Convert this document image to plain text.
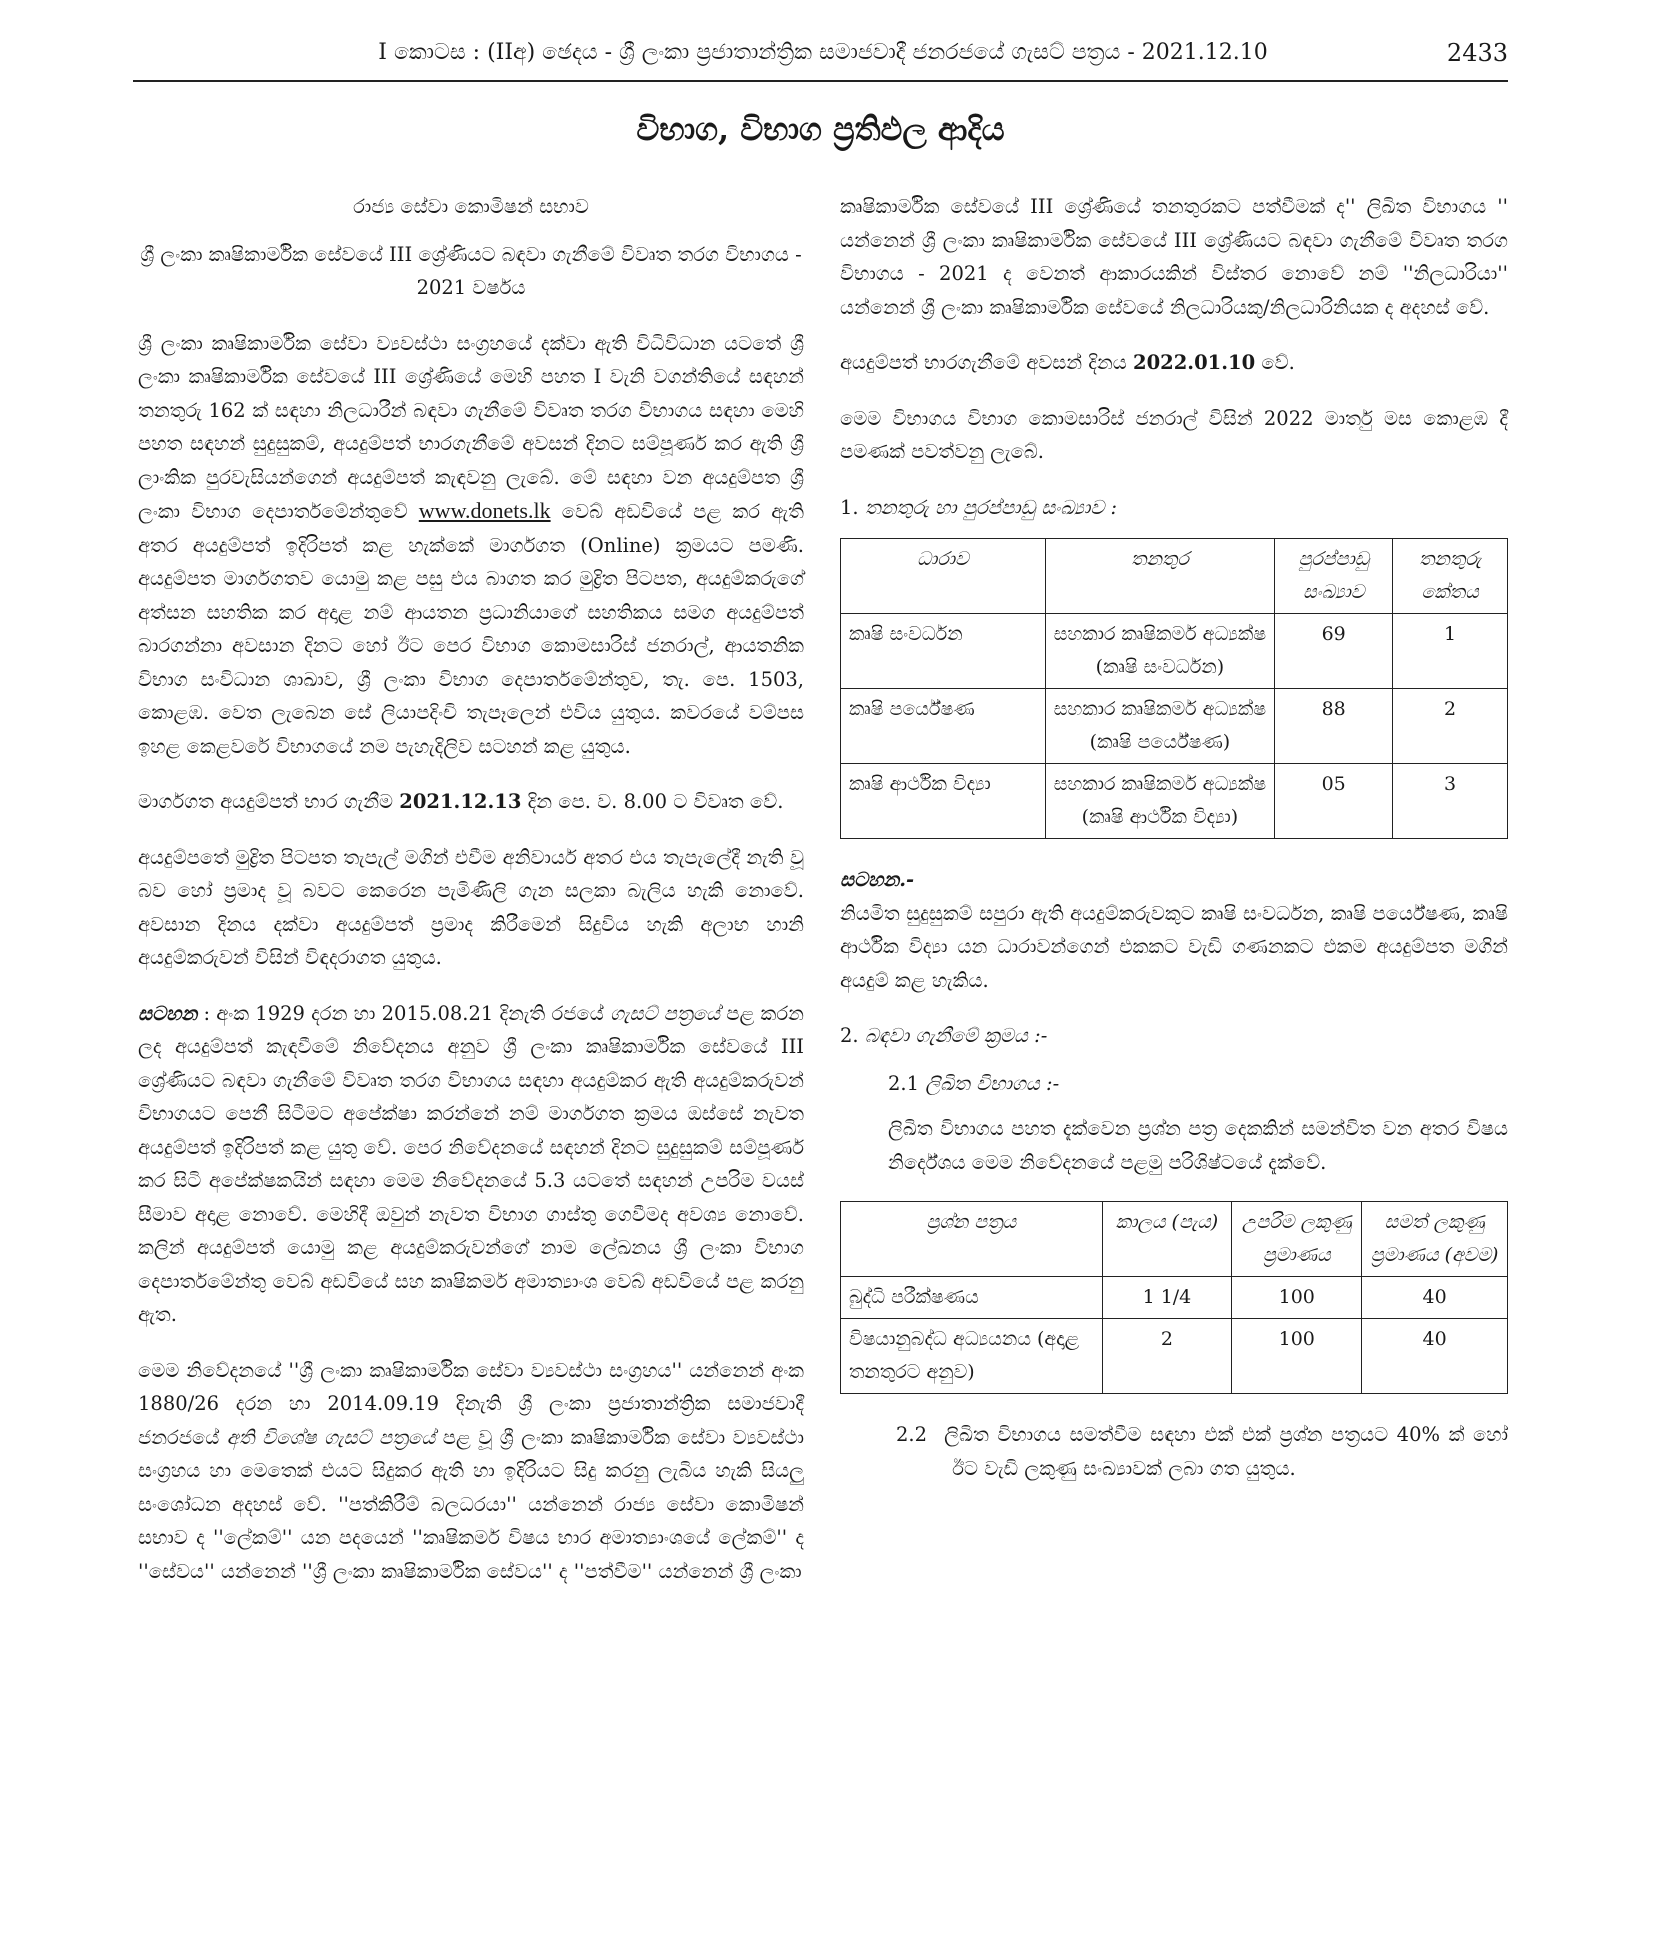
I කොටස : (IIඅ) ඡෙදය - ශ්‍රී ලංකා ප්‍රජාතාන්ත්‍රික සමාජවාදී ජනරජයේ ගැසට් පත්‍රය - 2021.12.10	2433
විභාග, විභාග ප්‍රතිඵල ආදිය
රාජ්‍ය සේවා කොමිෂන් සභාව

ශ්‍රී ලංකා කෘෂිකාර්මික සේවයේ III ශ්‍රේණියට බඳවා ගැනීමේ විවෘත තරග විභාගය - 2021 වර්ෂය

ශ්‍රී ලංකා කෘෂිකාර්මික සේවා ව්‍යවස්ථා සංග්‍රහයේ දක්වා ඇති විධිවිධාන යටතේ ශ්‍රී ලංකා කෘෂිකාර්මික සේවයේ III ශ්‍රේණියේ මෙහි පහත I වැනි වගන්තියේ සඳහන් තනතුරු 162 ක් සඳහා නිලධාරීන් බඳවා ගැනීමේ විවෘත තරග විභාගය සඳහා මෙහි පහත සඳහන් සුදුසුකම්, අයදුම්පත් භාරගැනීමේ අවසන් දිනට සම්පූර්ණ කර ඇති ශ්‍රී ලාංකික පුරවැසියන්ගෙන් අයදුම්පත් කැඳවනු ලැබේ. මේ සඳහා වන අයදුම්පත ශ්‍රී ලංකා විභාග දෙපාර්තමේන්තුවේ www.donets.lk වෙබ් අඩවියේ පළ කර ඇති අතර අයදුම්පත් ඉදිරිපත් කළ හැක්කේ මාර්ගගත (Online) ක්‍රමයට පමණි. අයදුම්පත මාර්ගගතව යොමු කළ පසු එය බාගත කර මුද්‍රිත පිටපත, අයදුම්කරුගේ අත්සන සහතික කර අදාළ නම් ආයතන ප්‍රධානියාගේ සහතිකය සමග අයදුම්පත් බාරගන්නා අවසාන දිනට හෝ ඊට පෙර විභාග කොමසාරිස් ජනරාල්, ආයතනික විභාග සංවිධාන ශාඛාව, ශ්‍රී ලංකා විභාග දෙපාර්තමේන්තුව, තැ. පෙ. 1503, කොළඹ. වෙත ලැබෙන සේ ලියාපදිංචි තැපෑලෙන් එවිය යුතුය. කවරයේ වම්පස ඉහළ කෙළවරේ විභාගයේ නම පැහැදිලිව සටහන් කළ යුතුය.

මාර්ගගත අයදුම්පත් භාර ගැනීම 2021.12.13 දින පෙ. ව. 8.00 ට විවෘත වේ.

අයදුම්පතේ මුද්‍රිත පිටපත තැපැල් මගින් එවීම අනිවාර්ය අතර එය තැපැලේදී නැති වූ බව හෝ ප්‍රමාද වූ බවට කෙරෙන පැමිණිලි ගැන සලකා බැලිය හැකි නොවේ. අවසාන දිනය දක්වා අයදුම්පත් ප්‍රමාද කිරීමෙන් සිදුවිය හැකි අලාභ හානි අයදුම්කරුවන් විසින් විඳදරාගත යුතුය.

සටහන : අංක 1929 දරන හා 2015.08.21 දිනැති රජයේ ගැසට් පත්‍රයේ පළ කරන ලද අයදුම්පත් කැඳවීමේ නිවේදනය අනුව ශ්‍රී ලංකා කෘෂිකාර්මික සේවයේ III ශ්‍රේණියට බඳවා ගැනීමේ විවෘත තරග විභාගය සඳහා අයදුම්කර ඇති අයදුම්කරුවන් විභාගයට පෙනී සිටීමට අපේක්ෂා කරන්නේ නම් මාර්ගගත ක්‍රමය ඔස්සේ නැවත අයදුම්පත් ඉදිරිපත් කළ යුතු වේ. පෙර නිවේදනයේ සඳහන් දිනට සුදුසුකම් සම්පූර්ණ කර සිටි අපේක්ෂකයින් සඳහා මෙම නිවේදනයේ 5.3 යටතේ සඳහන් උපරිම වයස් සීමාව අදාළ නොවේ. මෙහිදී ඔවුන් නැවත විභාග ගාස්තු ගෙවීමද අවශ්‍ය නොවේ. කලින් අයදුම්පත් යොමු කළ අයදුම්කරුවන්ගේ නාම ලේඛනය ශ්‍රී ලංකා විභාග දෙපාර්තමේන්තු වෙබ් අඩවියේ සහ කෘෂිකර්ම අමාත්‍යාංශ වෙබ් අඩවියේ පළ කරනු ඇත.

මෙම නිවේදනයේ ''ශ්‍රී ලංකා කෘෂිකාර්මික සේවා ව්‍යවස්ථා සංග්‍රහය'' යන්නෙන් අංක 1880/26 දරන හා 2014.09.19 දිනැති ශ්‍රී ලංකා ප්‍රජාතාන්ත්‍රික සමාජවාදී ජනරජයේ අති විශේෂ ගැසට් පත්‍රයේ පළ වූ ශ්‍රී ලංකා කෘෂිකාර්මික සේවා ව්‍යවස්ථා සංග්‍රහය හා මෙතෙක් එයට සිදුකර ඇති හා ඉදිරියට සිදු කරනු ලැබිය හැකි සියලු සංශෝධන අදහස් වේ. ''පත්කිරීම් බලධරයා'' යන්නෙන් රාජ්‍ය සේවා කොමිෂන් සභාව ද ''ලේකම්'' යන පදයෙන් ''කෘෂිකර්ම විෂය භාර අමාත්‍යාංශයේ ලේකම්'' ද ''සේවය'' යන්නෙන් ''ශ්‍රී ලංකා කෘෂිකාර්මික සේවය'' ද ''පත්වීම'' යන්නෙන් ශ්‍රී ලංකා

කෘෂිකාර්මික සේවයේ III ශ්‍රේණියේ තනතුරකට පත්වීමක් ද'' ලිඛිත විභාගය '' යන්නෙන් ශ්‍රී ලංකා කෘෂිකාර්මික සේවයේ III ශ්‍රේණියට බඳවා ගැනීමේ විවෘත තරග විභාගය - 2021 ද වෙනත් ආකාරයකින් විස්තර නොවේ නම් ''නිලධාරියා'' යන්නෙන් ශ්‍රී ලංකා කෘෂිකාර්මික සේවයේ නිලධාරියකු/නිලධාරිනියක ද අදහස් වේ.

අයදුම්පත් භාරගැනීමේ අවසන් දිනය 2022.01.10 වේ.

මෙම විභාගය විභාග කොමසාරිස් ජනරාල් විසින් 2022 මාර්තු මස කොළඹ දී පමණක් පවත්වනු ලැබේ.

1. තනතුරු හා පුරප්පාඩු සංඛ්‍යාව :
ධාරාව	තනතුර	පුරප්පාඩු සංඛ්‍යාව	තනතුරු කේතය
කෘෂි සංවර්ධන	සහකාර කෘෂිකර්ම අධ්‍යක්ෂ (කෘෂි සංවර්ධන)	69	1
කෘෂි පර්යේෂණ	සහකාර කෘෂිකර්ම අධ්‍යක්ෂ (කෘෂි පර්යේෂණ)	88	2
කෘෂි ආර්ථික විද්‍යා	සහකාර කෘෂිකර්ම අධ්‍යක්ෂ (කෘෂි ආර්ථික විද්‍යා)	05	3
සටහන.-

නියමිත සුදුසුකම් සපුරා ඇති අයදුම්කරුවකුට කෘෂි සංවර්ධන, කෘෂි පර්යේෂණ, කෘෂි ආර්ථික විද්‍යා යන ධාරාවන්ගෙන් එකකට වැඩි ගණනකට එකම අයදුම්පත මගින් අයදුම් කළ හැකිය.

2. බඳවා ගැනීමේ ක්‍රමය :-
2.1 ලිඛිත විභාගය :-

ලිඛිත විභාගය පහත දැක්වෙන ප්‍රශ්න පත්‍ර දෙකකින් සමන්විත වන අතර විෂය නිර්දේශය මෙම නිවේදනයේ පළමු පරිශිෂ්ටයේ දැක්වේ.

ප්‍රශ්න පත්‍රය	කාලය (පැය)	උපරිම ලකුණු ප්‍රමාණය	සමත් ලකුණු ප්‍රමාණය (අවම)
බුද්ධි පරීක්ෂණය	1 1/4	100	40
විෂයානුබද්ධ අධ්‍යයනය (අදාළ තනතුරට අනුව)	2	100	40

2.2 ලිඛිත විභාගය සමත්වීම සඳහා එක් එක් ප්‍රශ්න පත්‍රයට 40% ක් හෝ ඊට වැඩි ලකුණු සංඛ්‍යාවක් ලබා ගත යුතුය.
